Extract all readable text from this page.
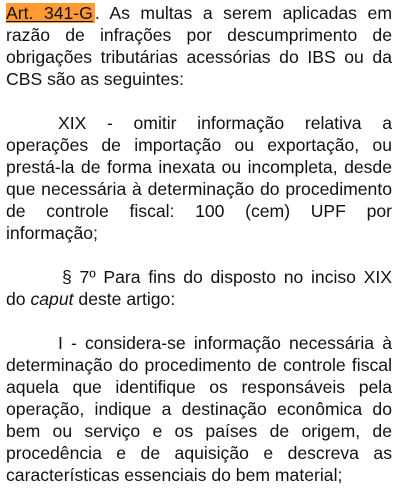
Art. 341-G . As multas a serem aplicadas em razão de infrações por descumprimento de obrigações tributárias acessórias do IBS ou da CBS são as seguintes:

XIX - omitir informação relativa a operações de importação ou exportação, ou prestá-la de forma inexata ou incompleta, desde que necessária à determinação do procedimento de controle fiscal: 100 (cem) UPF por informação;

§ 7º Para fins do disposto no inciso XIX do caput deste artigo:

I - considera-se informação necessária à determinação do procedimento de controle fiscal aquela que identifique os responsáveis pela operação, indique a destinação econômica do bem ou serviço e os países de origem, de procedência e de aquisição e descreva as características essenciais do bem material;
